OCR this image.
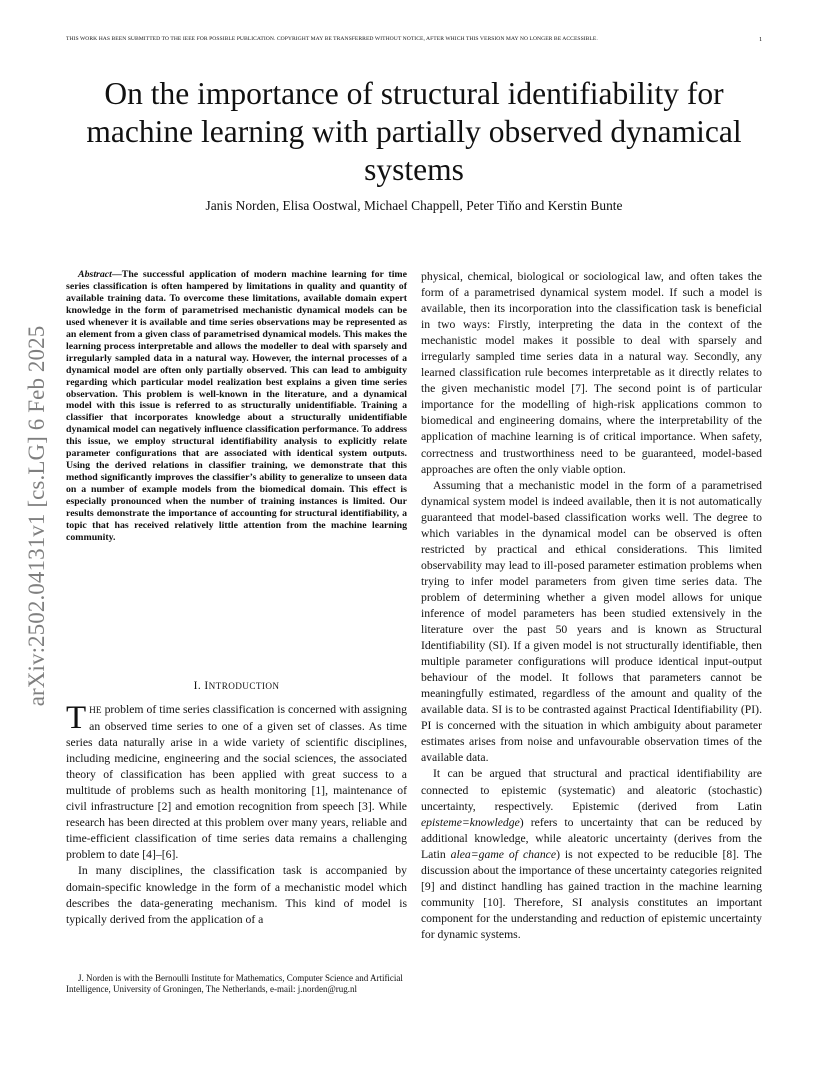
THIS WORK HAS BEEN SUBMITTED TO THE IEEE FOR POSSIBLE PUBLICATION. COPYRIGHT MAY BE TRANSFERRED WITHOUT NOTICE, AFTER WHICH THIS VERSION MAY NO LONGER BE ACCESSIBLE.	1
On the importance of structural identifiability for machine learning with partially observed dynamical systems
Janis Norden, Elisa Oostwal, Michael Chappell, Peter Tiňo and Kerstin Bunte
arXiv:2502.04131v1 [cs.LG] 6 Feb 2025

Abstract—The successful application of modern machine learning for time series classification is often hampered by limitations in quality and quantity of available training data. To overcome these limitations, available domain expert knowledge in the form of parametrised mechanistic dynamical models can be used whenever it is available and time series observations may be represented as an element from a given class of parametrised dynamical models. This makes the learning process interpretable and allows the modeller to deal with sparsely and irregularly sampled data in a natural way. However, the internal processes of a dynamical model are often only partially observed. This can lead to ambiguity regarding which particular model realization best explains a given time series observation. This problem is well-known in the literature, and a dynamical model with this issue is referred to as structurally unidentifiable. Training a classifier that incorporates knowledge about a structurally unidentifiable dynamical model can negatively influence classification performance. To address this issue, we employ structural identifiability analysis to explicitly relate parameter configurations that are associated with identical system outputs. Using the derived relations in classifier training, we demonstrate that this method significantly improves the classifier’s ability to generalize to unseen data on a number of example models from the biomedical domain. This effect is especially pronounced when the number of training instances is limited. Our results demonstrate the importance of accounting for structural identifiability, a topic that has received relatively little attention from the machine learning community.

I. INTRODUCTION

THE problem of time series classification is concerned with assigning an observed time series to one of a given set of classes. As time series data naturally arise in a wide variety of scientific disciplines, including medicine, engineering and the social sciences, the associated theory of classification has been applied with great success to a multitude of problems such as health monitoring [1], maintenance of civil infrastructure [2] and emotion recognition from speech [3]. While research has been directed at this problem over many years, reliable and time-efficient classification of time series data remains a challenging problem to date [4]–[6].

In many disciplines, the classification task is accompanied by domain-specific knowledge in the form of a mechanistic model which describes the data-generating mechanism. This kind of model is typically derived from the application of a

J. Norden is with the Bernoulli Institute for Mathematics, Computer Science and Artificial Intelligence, University of Groningen, The Netherlands, e-mail: j.norden@rug.nl

physical, chemical, biological or sociological law, and often takes the form of a parametrised dynamical system model. If such a model is available, then its incorporation into the classification task is beneficial in two ways: Firstly, interpreting the data in the context of the mechanistic model makes it possible to deal with sparsely and irregularly sampled time series data in a natural way. Secondly, any learned classification rule becomes interpretable as it directly relates to the given mechanistic model [7]. The second point is of particular importance for the modelling of high-risk applications common to biomedical and engineering domains, where the interpretability of the application of machine learning is of critical importance. When safety, correctness and trustworthiness need to be guaranteed, model-based approaches are often the only viable option.

Assuming that a mechanistic model in the form of a parametrised dynamical system model is indeed available, then it is not automatically guaranteed that model-based classification works well. The degree to which variables in the dynamical model can be observed is often restricted by practical and ethical considerations. This limited observability may lead to ill-posed parameter estimation problems when trying to infer model parameters from given time series data. The problem of determining whether a given model allows for unique inference of model parameters has been studied extensively in the literature over the past 50 years and is known as Structural Identifiability (SI). If a given model is not structurally identifiable, then multiple parameter configurations will produce identical input-output behaviour of the model. It follows that parameters cannot be meaningfully estimated, regardless of the amount and quality of the available data. SI is to be contrasted against Practical Identifiability (PI). PI is concerned with the situation in which ambiguity about parameter estimates arises from noise and unfavourable observation times of the available data.

It can be argued that structural and practical identifiability are connected to epistemic (systematic) and aleatoric (stochastic) uncertainty, respectively. Epistemic (derived from Latin episteme=knowledge) refers to uncertainty that can be reduced by additional knowledge, while aleatoric uncertainty (derives from the Latin alea=game of chance) is not expected to be reducible [8]. The discussion about the importance of these uncertainty categories reignited [9] and distinct handling has gained traction in the machine learning community [10]. Therefore, SI analysis constitutes an important component for the understanding and reduction of epistemic uncertainty for dynamic systems.
